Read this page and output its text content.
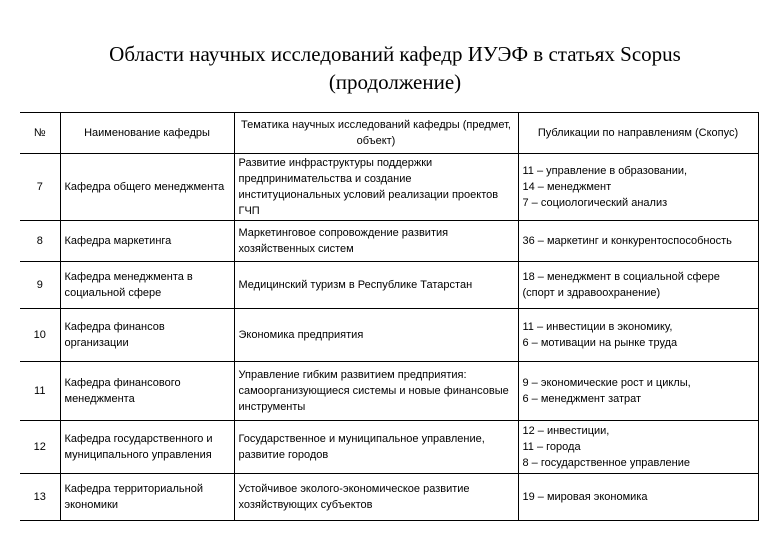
Области научных исследований кафедр ИУЭФ в статьях Scopus
(продолжение)
№	Наименование кафедры	Тематика научных исследований кафедры (предмет, объект)	Публикации по направлениям (Скопус)
7	Кафедра общего менеджмента	Развитие инфраструктуры поддержки предпринимательства и создание институциональных условий реализации проектов ГЧП	11 – управление в образовании,
14 – менеджмент
7 – социологический анализ

8	Кафедра маркетинга	Маркетинговое сопровождение развития хозяйственных систем	36 – маркетинг и конкурентоспособность

9	Кафедра менеджмента в социальной сфере	Медицинский туризм в Республике Татарстан	18 – менеджмент в социальной сфере (спорт и здравоохранение)

10	Кафедра финансов организации	Экономика предприятия	11 – инвестиции в экономику,
6 – мотивации на рынке труда

11	Кафедра финансового менеджмента	Управление гибким развитием предприятия: самоорганизующиеся системы и новые финансовые инструменты	9 – экономические рост и циклы,
6 – менеджмент затрат

12	Кафедра государственного и муниципального управления	Государственное и муниципальное управление, развитие городов	12 – инвестиции,
11 – города
8 – государственное управление

13	Кафедра территориальной экономики	Устойчивое эколого-экономическое развитие хозяйствующих субъектов	19 – мировая экономика
